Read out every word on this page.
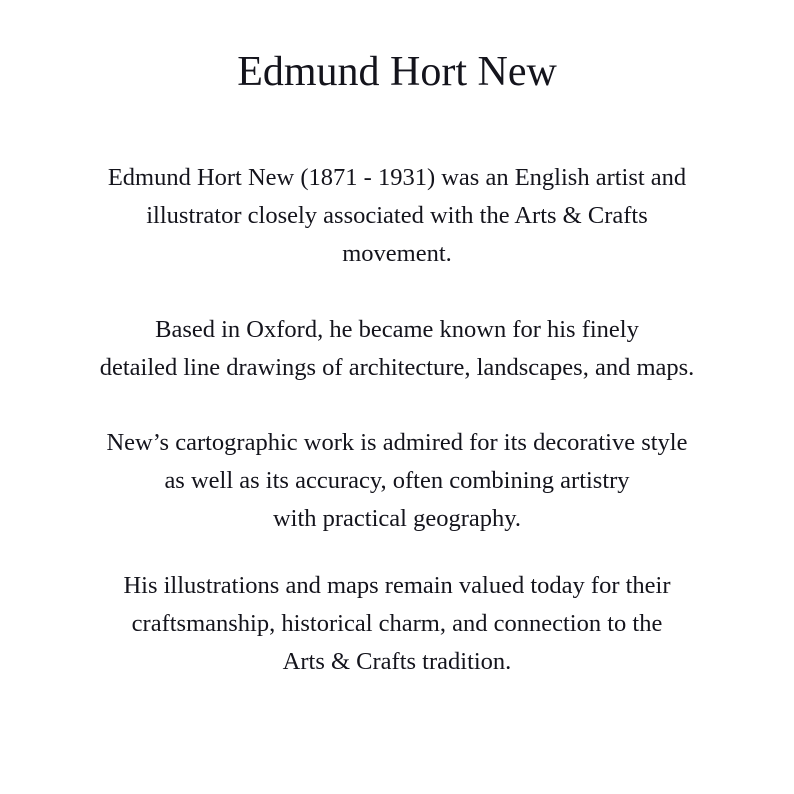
Edmund Hort New

Edmund Hort New (1871 - 1931) was an English artist and
illustrator closely associated with the Arts & Crafts
movement.

Based in Oxford, he became known for his finely
detailed line drawings of architecture, landscapes, and maps.

New’s cartographic work is admired for its decorative style
as well as its accuracy, often combining artistry
with practical geography.

His illustrations and maps remain valued today for their
craftsmanship, historical charm, and connection to the
Arts & Crafts tradition.
